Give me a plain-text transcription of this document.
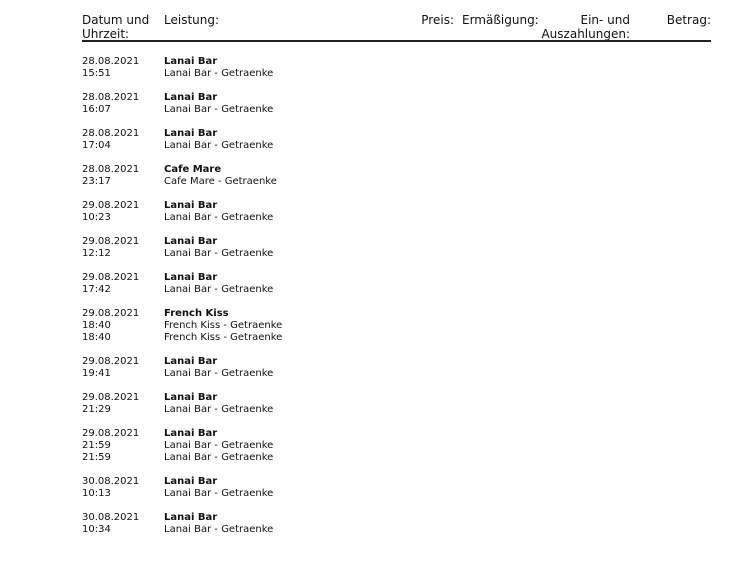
Datum und Uhrzeit:
Leistung:	Preis: Ermäßigung:	Ein- und Auszahlungen:
Betrag:
28.08.2021
15:51
Lanai Bar
Lanai Bar - Getraenke
28.08.2021
16:07
Lanai Bar
Lanai Bar - Getraenke
28.08.2021
17:04
Lanai Bar
Lanai Bar - Getraenke
28.08.2021
23:17
Cafe Mare
Cafe Mare - Getraenke
29.08.2021
10:23
Lanai Bar
Lanai Bar - Getraenke
29.08.2021
12:12
Lanai Bar
Lanai Bar - Getraenke
29.08.2021
17:42
Lanai Bar
Lanai Bar - Getraenke
29.08.2021
18:40
18:40
French Kiss
French Kiss - Getraenke
French Kiss - Getraenke
29.08.2021
19:41
Lanai Bar
Lanai Bar - Getraenke
29.08.2021
21:29
Lanai Bar
Lanai Bar - Getraenke
29.08.2021
21:59
21:59
Lanai Bar
Lanai Bar - Getraenke
Lanai Bar - Getraenke
30.08.2021
10:13
Lanai Bar
Lanai Bar - Getraenke
30.08.2021
10:34
Lanai Bar
Lanai Bar - Getraenke
